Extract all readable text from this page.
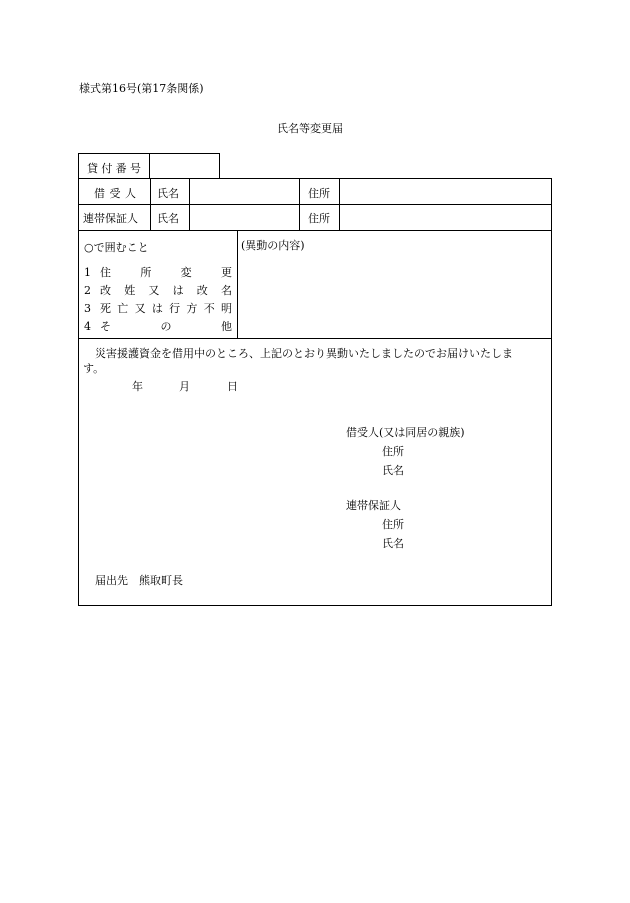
様式第16号(第17条関係)
氏名等変更届
貸 付 番 号
借 受 人 氏名	住所
連帯保証人 氏名	住所
○で囲むこと
1 住	所	変	更
2 改 姓 又 は 改 名
3 死 亡 又 は 行 方 不 明
4 そ	の	他
(異動の内容)
災害援護資金を借用中のところ、上記のとおり異動いたしましたのでお届けいたしま
す。
年	月	日
借受人(又は同居の親族)
住所
氏名
連帯保証人
住所
氏名
届出先　熊取町長
